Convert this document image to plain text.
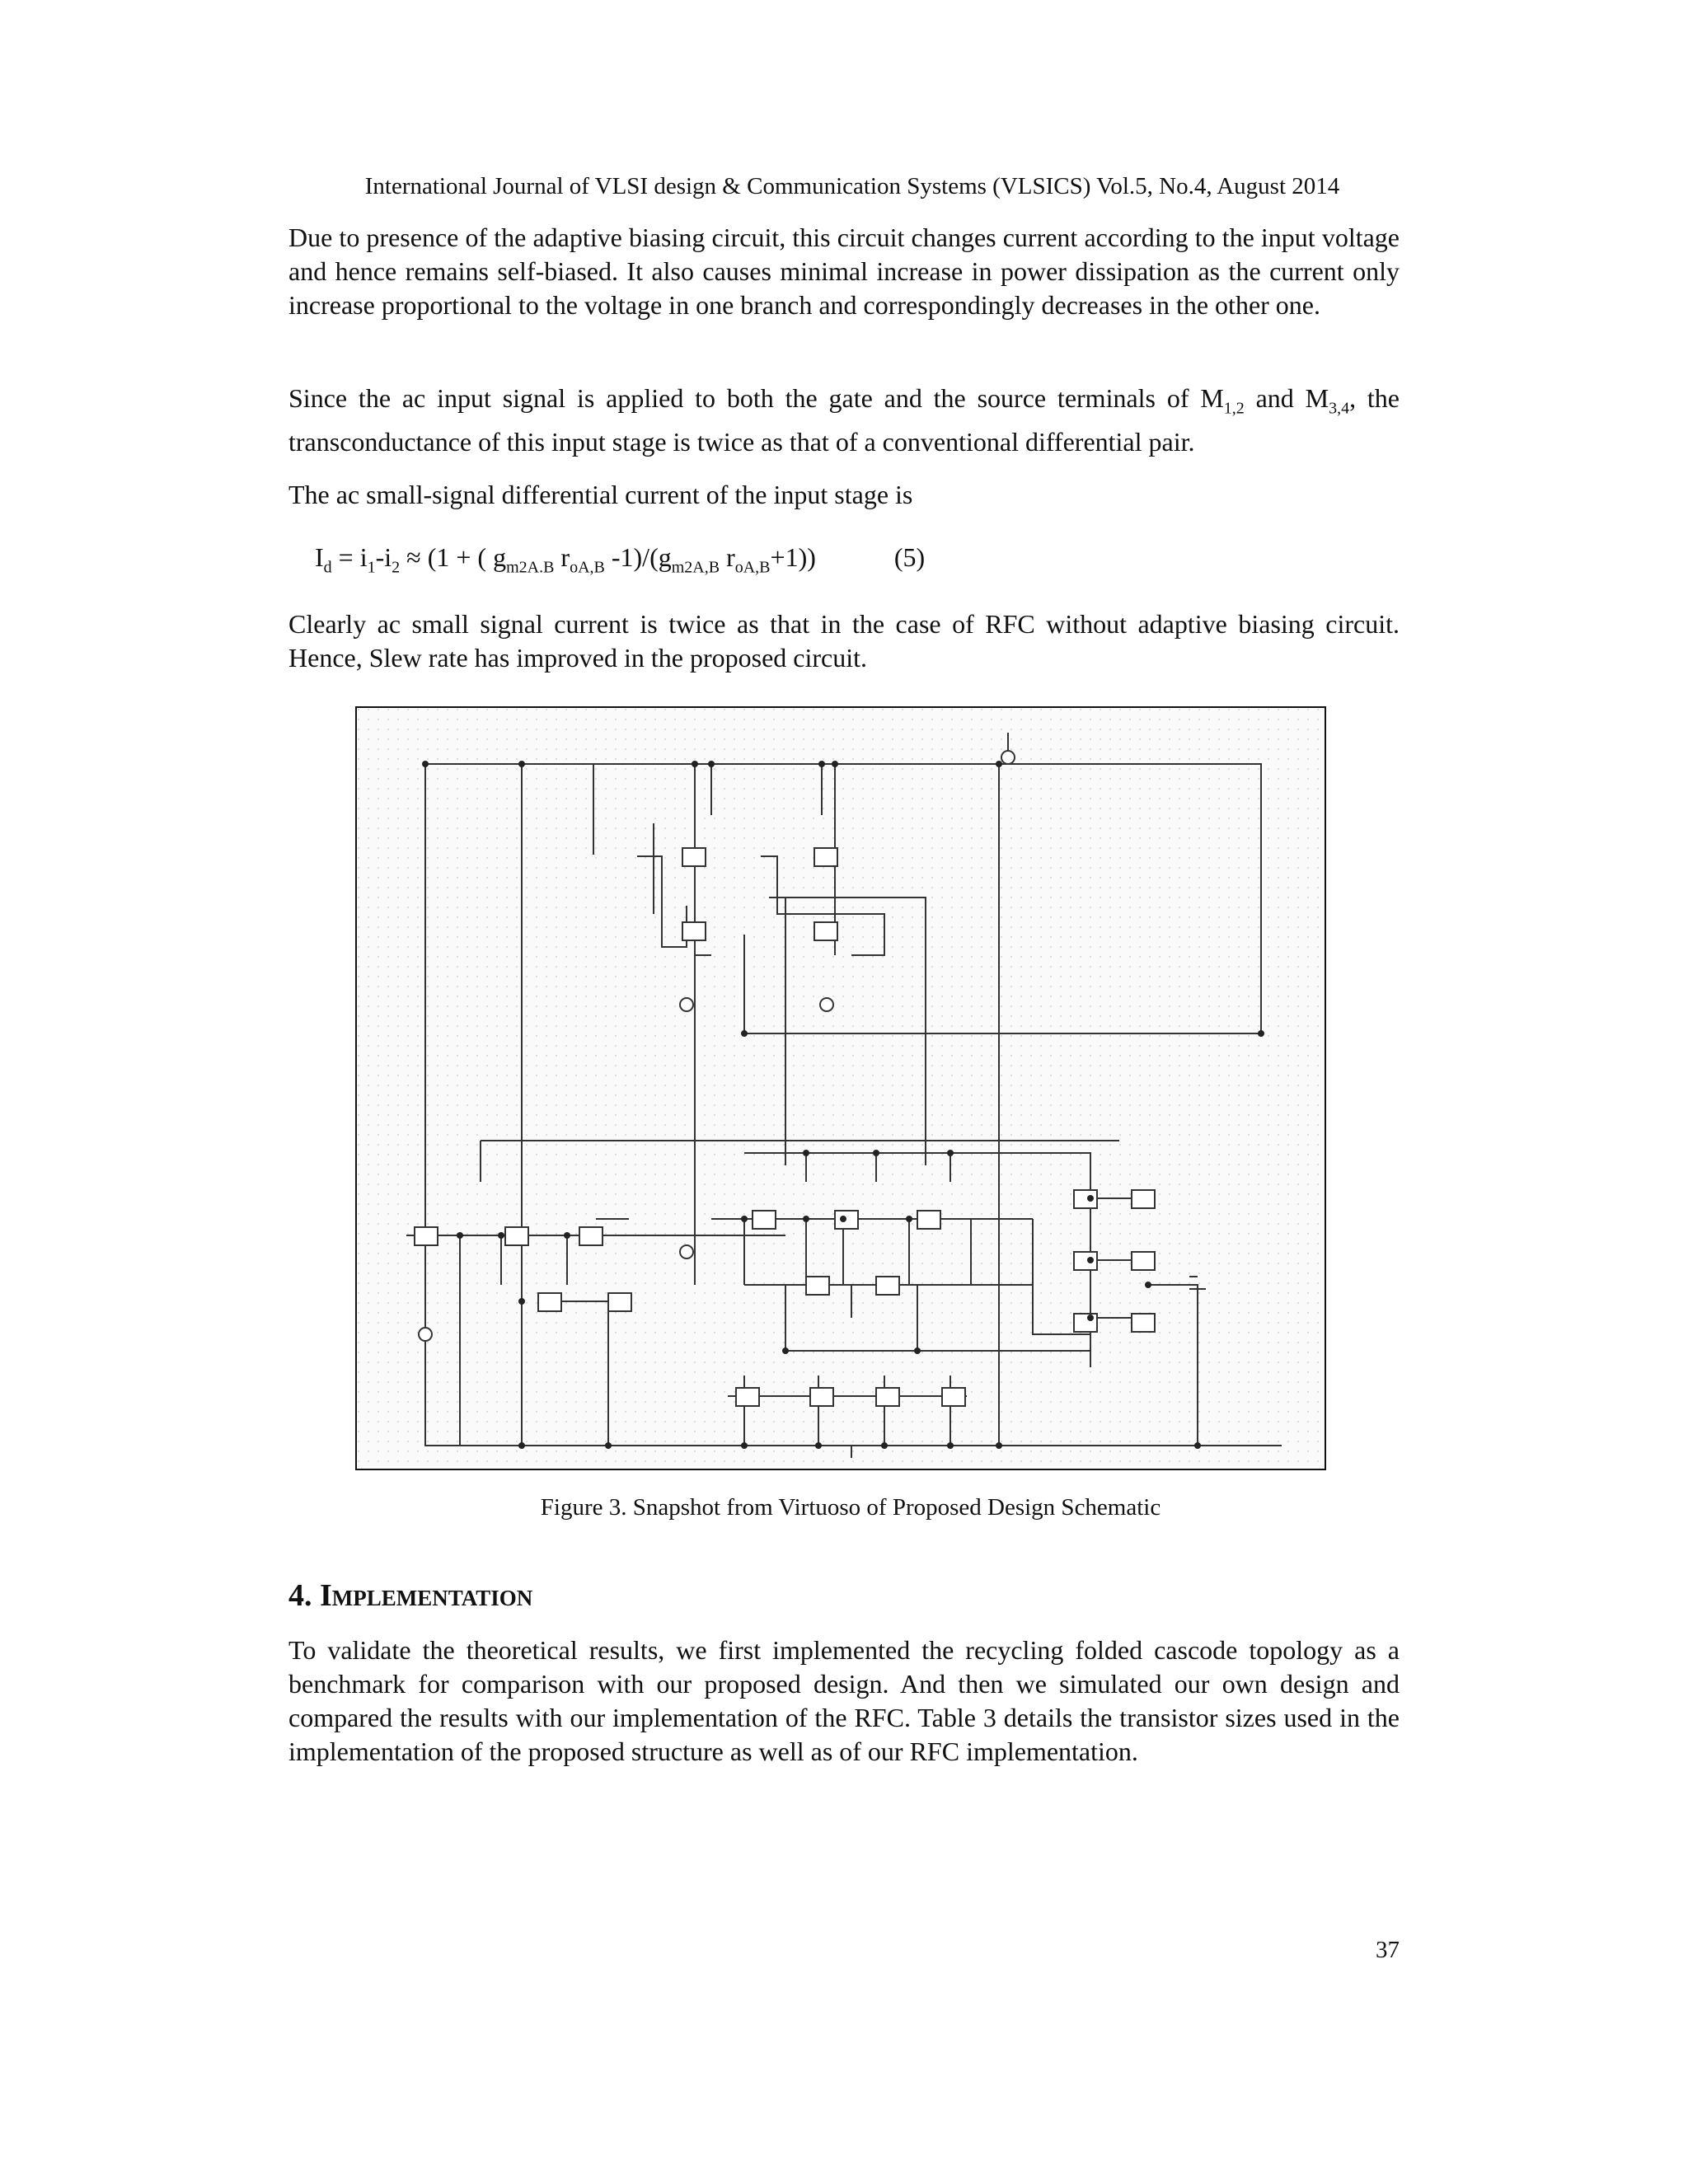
International Journal of VLSI design & Communication Systems (VLSICS) Vol.5, No.4, August 2014

Due to presence of the adaptive biasing circuit, this circuit changes current according to the input voltage and hence remains self-biased. It also causes minimal increase in power dissipation as the current only increase proportional to the voltage in one branch and correspondingly decreases in the other one.

Since the ac input signal is applied to both the gate and the source terminals of $M_{1,2}$ and $M_{3,4}$, the transconductance of this input stage is twice as that of a conventional differential pair.

The ac small-signal differential current of the input stage is

$I_d = i_1-i_2 \approx (1$ + ( $g_{m2A.B}$ $r_{oA,B}$ $-1)/(g_{m2A,B}$ $r_{oA,B}+1$))	(5)

Clearly ac small signal current is twice as that in the case of RFC without adaptive biasing circuit. Hence, Slew rate has improved in the proposed circuit.

Figure 3. Snapshot from Virtuoso of Proposed Design Schematic
4. Implementation

To validate the theoretical results, we first implemented the recycling folded cascode topology as a benchmark for comparison with our proposed design. And then we simulated our own design and compared the results with our implementation of the RFC. Table 3 details the transistor sizes used in the implementation of the proposed structure as well as of our RFC implementation.

37
